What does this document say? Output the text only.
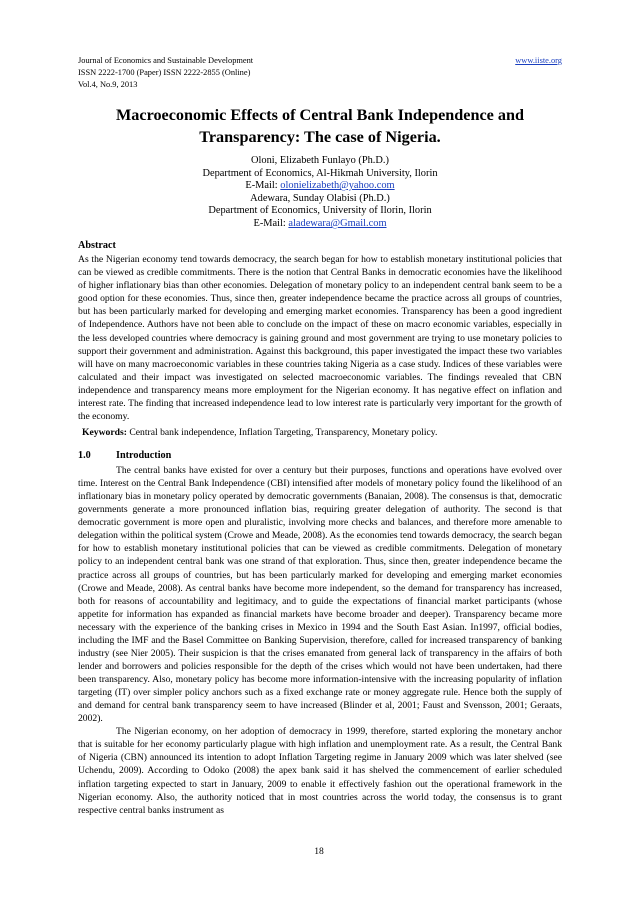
Journal of Economics and Sustainable Development	www.iiste.org
ISSN 2222-1700 (Paper) ISSN 2222-2855 (Online)
Vol.4, No.9, 2013
Macroeconomic Effects of Central Bank Independence and Transparency: The case of Nigeria.
Oloni, Elizabeth Funlayo (Ph.D.)
Department of Economics, Al-Hikmah University, Ilorin
E-Mail: olonielizabeth@yahoo.com
Adewara, Sunday Olabisi (Ph.D.)
Department of Economics, University of Ilorin, Ilorin
E-Mail: aladewara@Gmail.com
Abstract
As the Nigerian economy tend towards democracy, the search began for how to establish monetary institutional policies that can be viewed as credible commitments. There is the notion that Central Banks in democratic economies have the likelihood of higher inflationary bias than other economies. Delegation of monetary policy to an independent central bank seem to be a good option for these economies. Thus, since then, greater independence became the practice across all groups of countries, but has been particularly marked for developing and emerging market economies. Transparency has been a good ingredient of Independence. Authors have not been able to conclude on the impact of these on macro economic variables, especially in the less developed countries where democracy is gaining ground and most government are trying to use monetary policies to support their government and administration. Against this background, this paper investigated the impact these two variables will have on many macroeconomic variables in these countries taking Nigeria as a case study. Indices of these variables were calculated and their impact was investigated on selected macroeconomic variables. The findings revealed that CBN independence and transparency means more employment for the Nigerian economy. It has negative effect on inflation and interest rate. The finding that increased independence lead to low interest rate is particularly very important for the growth of the economy.
Keywords: Central bank independence, Inflation Targeting, Transparency, Monetary policy.
1.0 Introduction

The central banks have existed for over a century but their purposes, functions and operations have evolved over time. Interest on the Central Bank Independence (CBI) intensified after models of monetary policy found the likelihood of an inflationary bias in monetary policy operated by democratic governments (Banaian, 2008). The consensus is that, democratic governments generate a more pronounced inflation bias, requiring greater delegation of authority. The second is that democratic government is more open and pluralistic, involving more checks and balances, and therefore more amenable to delegation within the political system (Crowe and Meade, 2008). As the economies tend towards democracy, the search began for how to establish monetary institutional policies that can be viewed as credible commitments. Delegation of monetary policy to an independent central bank was one strand of that exploration. Thus, since then, greater independence became the practice across all groups of countries, but has been particularly marked for developing and emerging market economies (Crowe and Meade, 2008). As central banks have become more independent, so the demand for transparency has increased, both for reasons of accountability and legitimacy, and to guide the expectations of financial market participants (whose appetite for information has expanded as financial markets have become broader and deeper). Transparency became more necessary with the experience of the banking crises in Mexico in 1994 and the South East Asian. In1997, official bodies, including the IMF and the Basel Committee on Banking Supervision, therefore, called for increased transparency of banking industry (see Nier 2005). Their suspicion is that the crises emanated from general lack of transparency in the affairs of both lender and borrowers and policies responsible for the depth of the crises which would not have been undertaken, had there been transparency. Also, monetary policy has become more information-intensive with the increasing popularity of inflation targeting (IT) over simpler policy anchors such as a fixed exchange rate or money aggregate rule. Hence both the supply of and demand for central bank transparency seem to have increased (Blinder et al, 2001; Faust and Svensson, 2001; Geraats, 2002).

The Nigerian economy, on her adoption of democracy in 1999, therefore, started exploring the monetary anchor that is suitable for her economy particularly plague with high inflation and unemployment rate. As a result, the Central Bank of Nigeria (CBN) announced its intention to adopt Inflation Targeting regime in January 2009 which was later shelved (see Uchendu, 2009). According to Odoko (2008) the apex bank said it has shelved the commencement of earlier scheduled inflation targeting expected to start in January, 2009 to enable it effectively fashion out the operational framework in the Nigerian economy. Also, the authority noticed that in most countries across the world today, the consensus is to grant respective central banks instrument as

18
